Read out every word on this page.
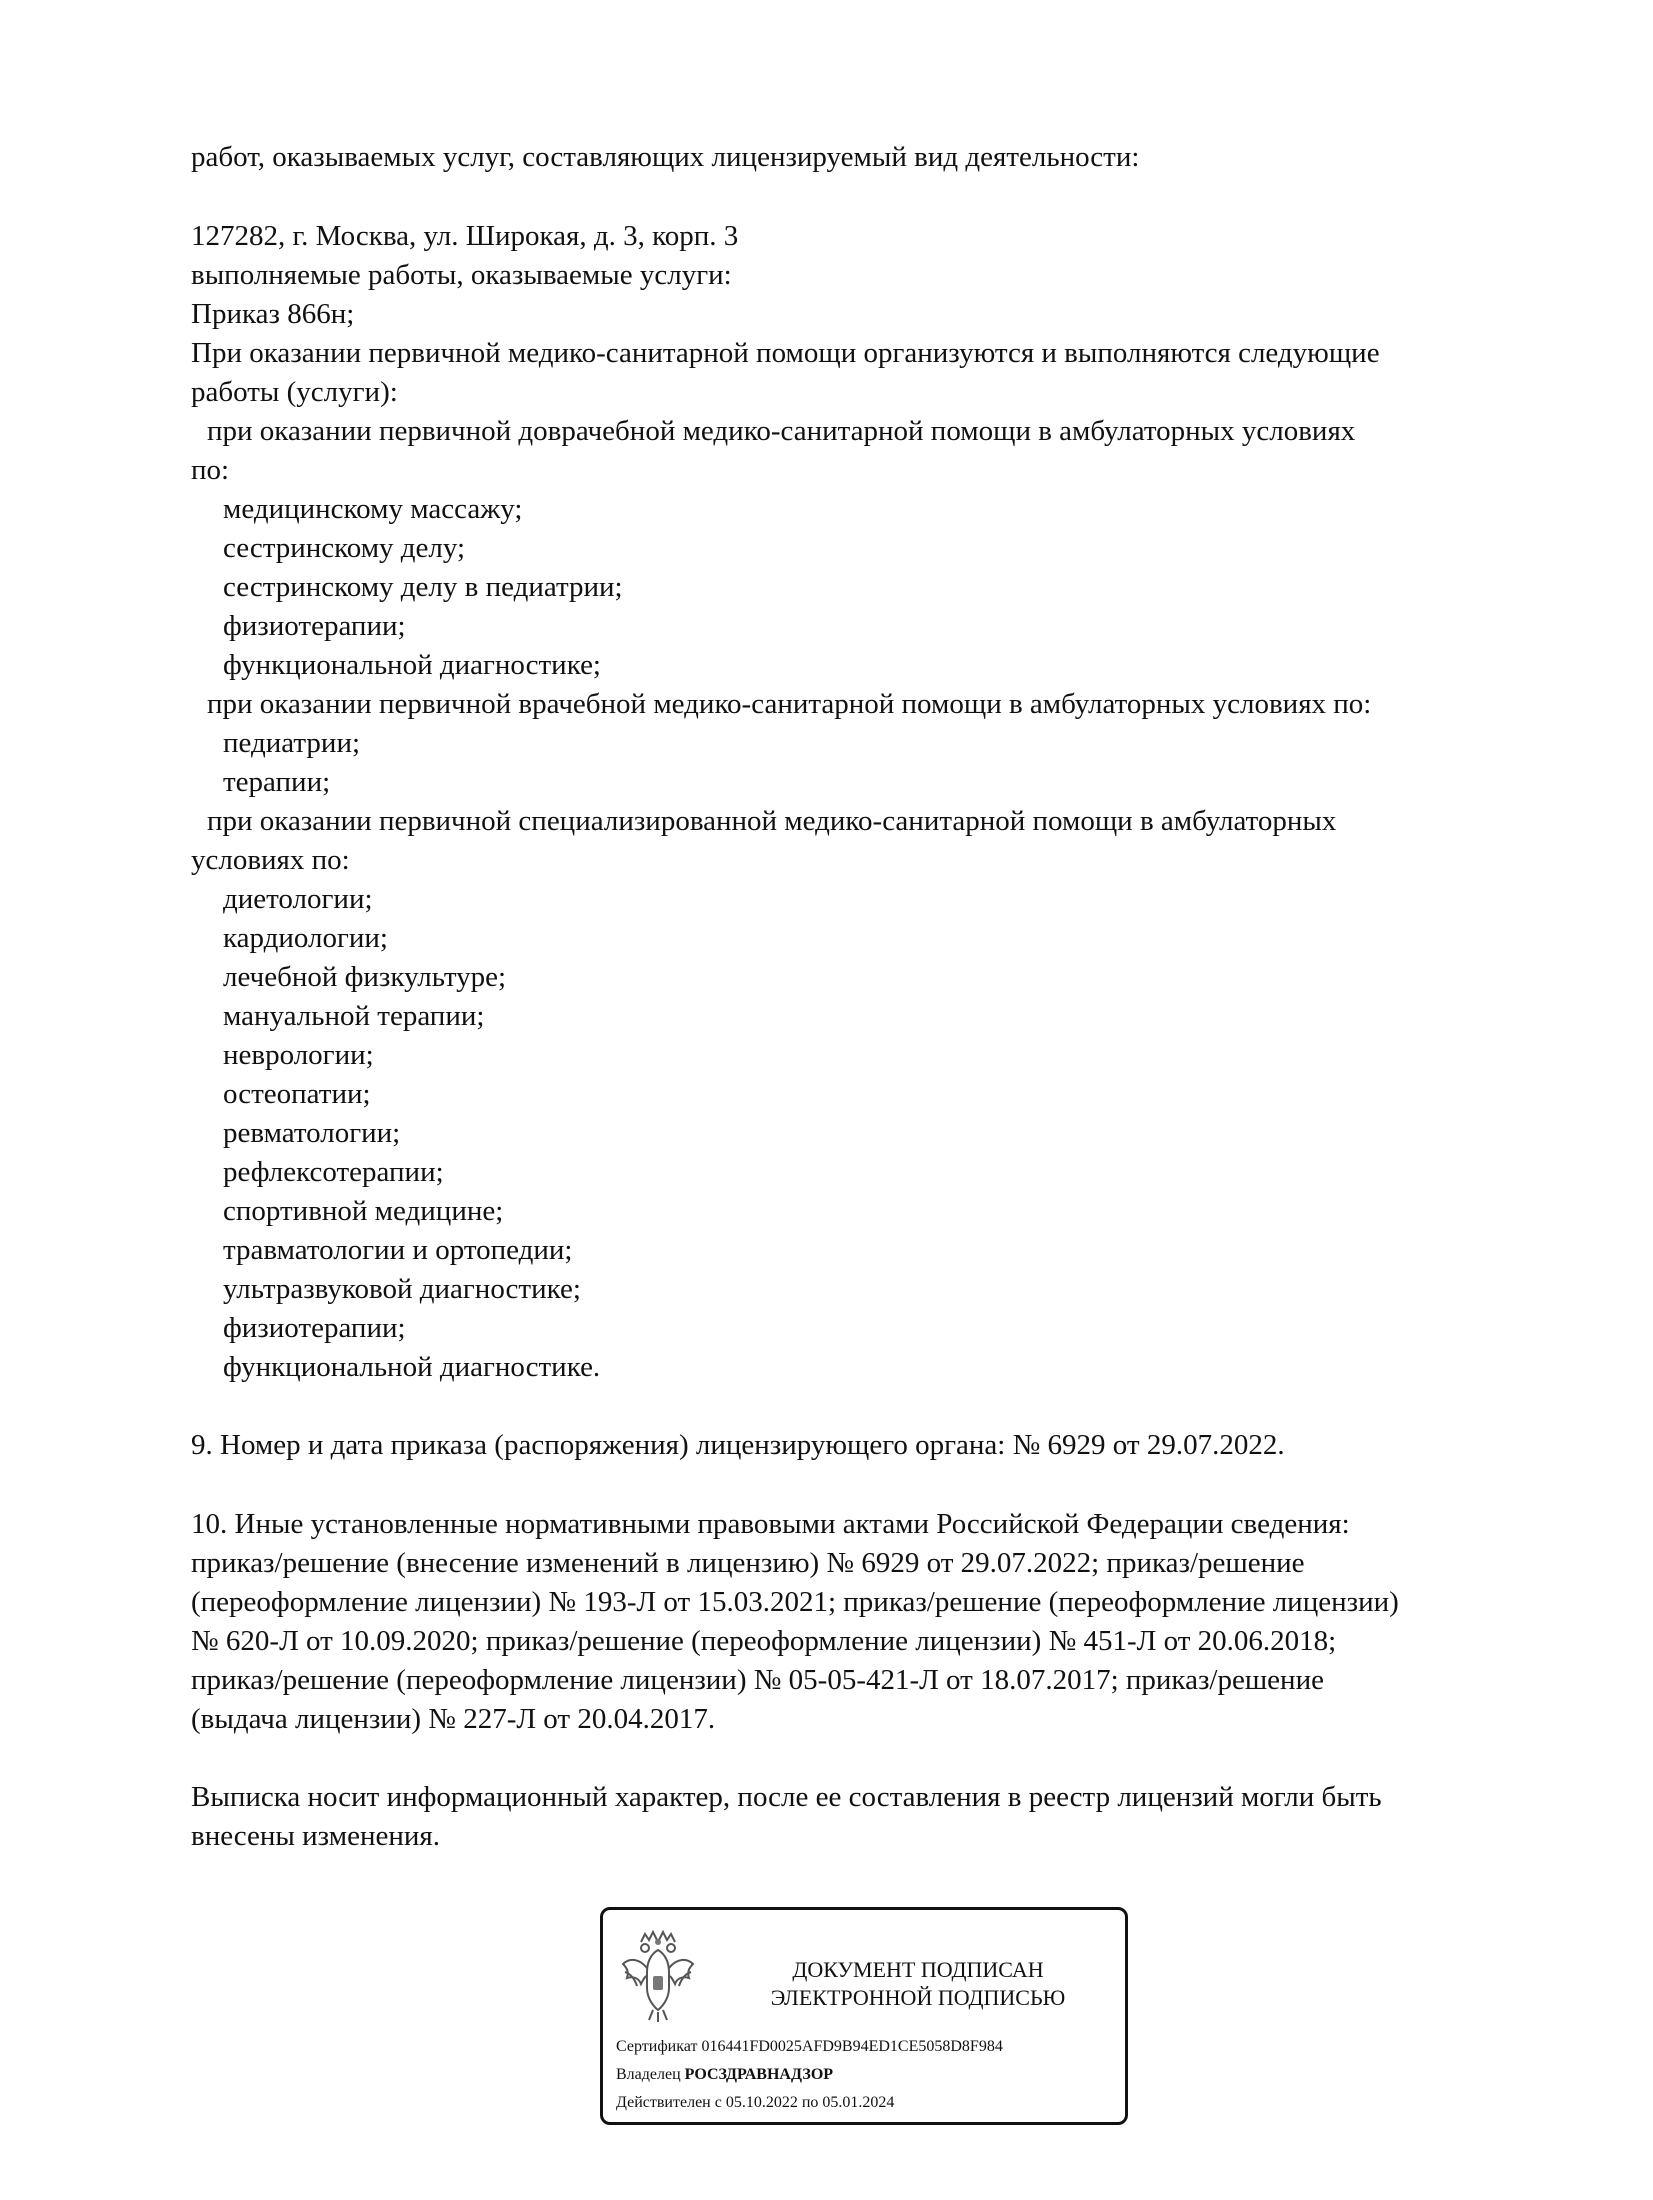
работ, оказываемых услуг, составляющих лицензируемый вид деятельности:

127282, г. Москва, ул. Широкая, д. 3, корп. 3

выполняемые работы, оказываемые услуги:

Приказ 866н;

При оказании первичной медико-санитарной помощи организуются и выполняются следующие

работы (услуги):

при оказании первичной доврачебной медико-санитарной помощи в амбулаторных условиях

по:

медицинскому массажу;

сестринскому делу;

сестринскому делу в педиатрии;

физиотерапии;

функциональной диагностике;

при оказании первичной врачебной медико-санитарной помощи в амбулаторных условиях по:

педиатрии;

терапии;

при оказании первичной специализированной медико-санитарной помощи в амбулаторных

условиях по:

диетологии;

кардиологии;

лечебной физкультуре;

мануальной терапии;

неврологии;

остеопатии;

ревматологии;

рефлексотерапии;

спортивной медицине;

травматологии и ортопедии;

ультразвуковой диагностике;

физиотерапии;

функциональной диагностике.

9. Номер и дата приказа (распоряжения) лицензирующего органа: № 6929 от 29.07.2022.

10. Иные установленные нормативными правовыми актами Российской Федерации сведения:

приказ/решение (внесение изменений в лицензию) № 6929 от 29.07.2022; приказ/решение

(переоформление лицензии) № 193-Л от 15.03.2021; приказ/решение (переоформление лицензии)

№ 620-Л от 10.09.2020; приказ/решение (переоформление лицензии) № 451-Л от 20.06.2018;

приказ/решение (переоформление лицензии) № 05-05-421-Л от 18.07.2017; приказ/решение

(выдача лицензии) № 227-Л от 20.04.2017.

Выписка носит информационный характер, после ее составления в реестр лицензий могли быть

внесены изменения.

ДОКУМЕНТ ПОДПИСАН

ЭЛЕКТРОННОЙ ПОДПИСЬЮ

Сертификат 016441FD0025AFD9B94ED1CE5058D8F984

Владелец РОСЗДРАВНАДЗОР

Действителен с 05.10.2022 по 05.01.2024
